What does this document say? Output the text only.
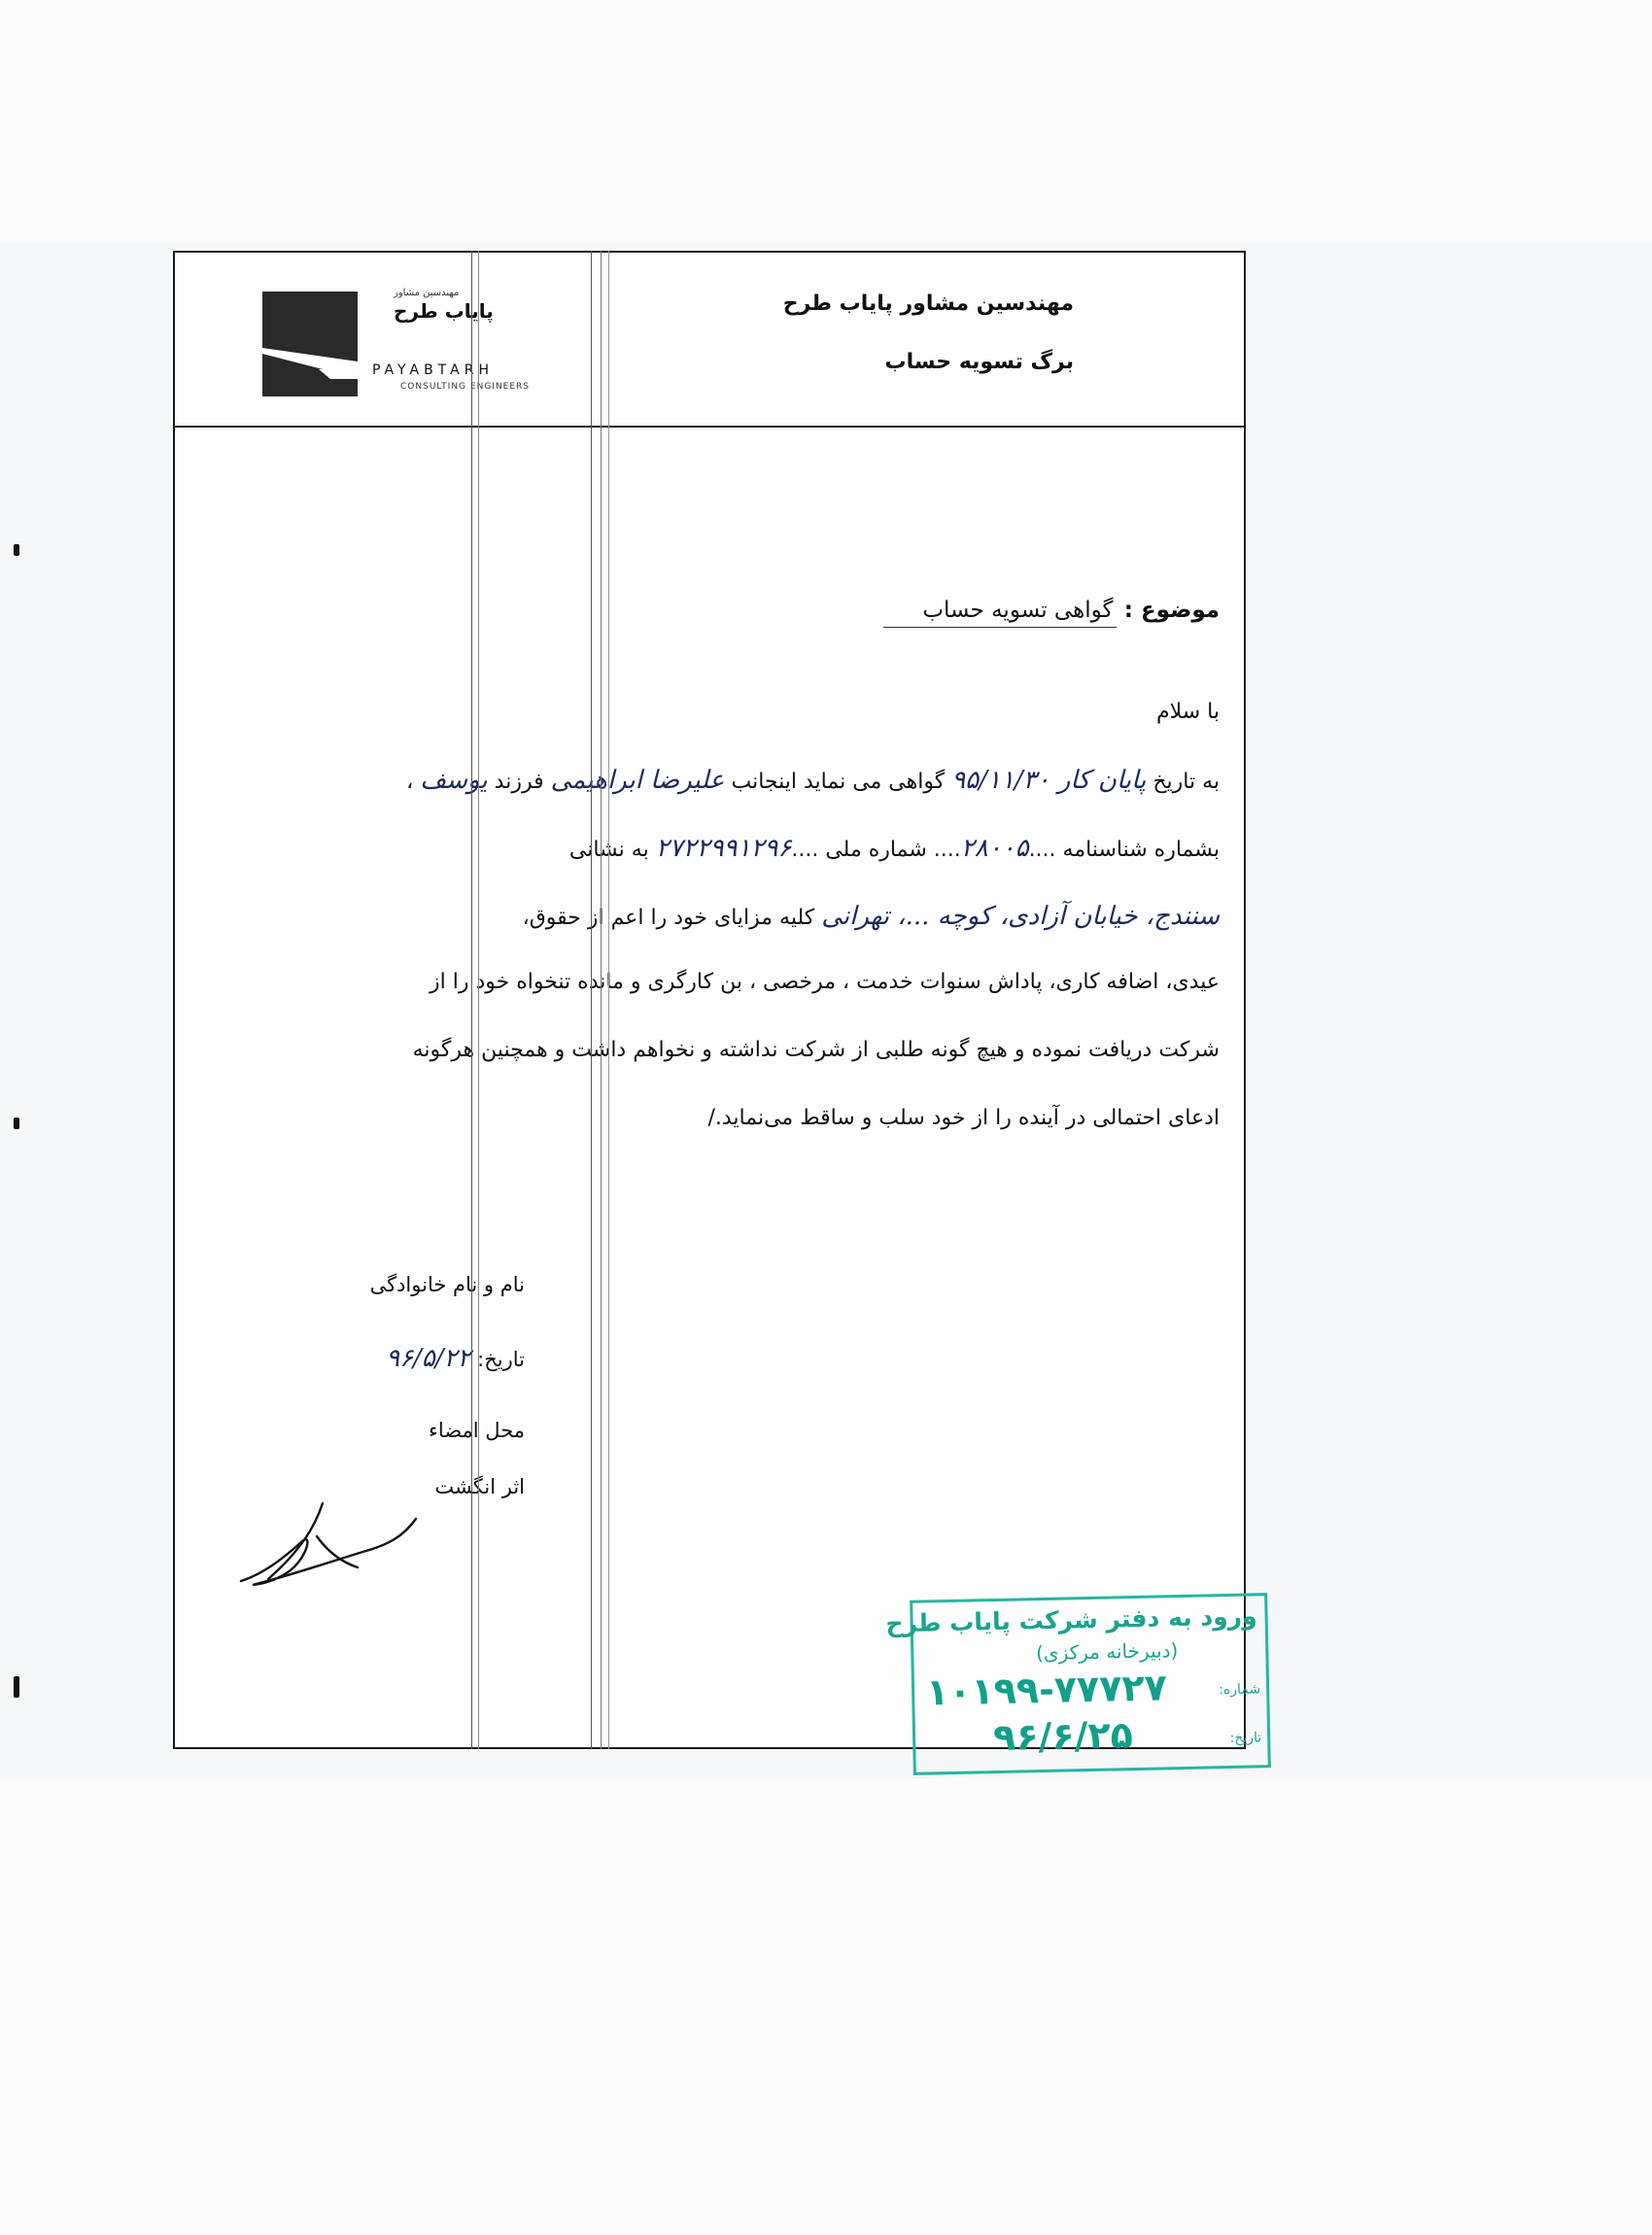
مهندسین مشاور پایاب طرح
برگ تسویه حساب
مهندسین مشاور
پایاب طرح
PAYABTARH
CONSULTING ENGINEERS
موضوع : گواهی تسویه حساب
با سلام
به تاریخ پایان کار ۹۵/۱۱/۳۰ گواهی می نماید اینجانب علیرضا ابراهیمی فرزند یوسف ،
بشماره شناسنامه ....۲۸۰۰۵.... شماره ملی ....۲۷۲۲۹۹۱۲۹۶ به نشانی
سنندج، خیابان آزادی، کوچه ...، تهرانی کلیه مزایای خود را اعم از حقوق،
عیدی، اضافه کاری، پاداش سنوات خدمت ، مرخصی ، بن کارگری و مانده تنخواه خود را از
شرکت دریافت نموده و هیچ گونه طلبی از شرکت نداشته و نخواهم داشت و همچنین هرگونه
ادعای احتمالی در آینده را از خود سلب و ساقط می‌نماید./
نام و نام خانوادگی
تاریخ: ۹۶/۵/۲۲
محل امضاء
اثر انگشت
ورود به دفتر شرکت پایاب طرح
(دبیرخانه مرکزی)
شماره:
۱۰۱۹۹-۷۷۷۲۷
تاریخ:
۹۶/۶/۲۵
